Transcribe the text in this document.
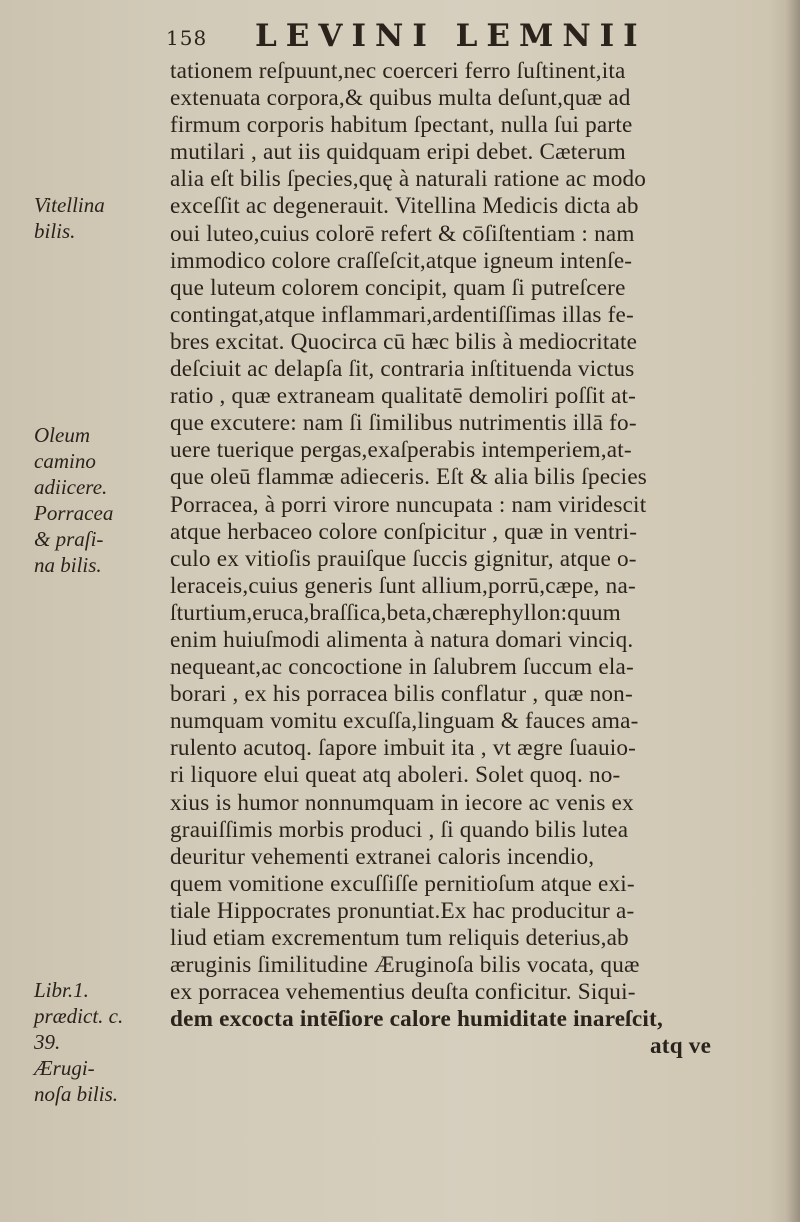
158 LEVINI LEMNII
Vitellina
bilis.
Oleum
camino
adiicere.
Porracea
& praſi-
na bilis.
Libr.1.
prædict. c.
39.
Ærugi-
noſa bilis.
tationem reſpuunt,nec coerceri ferro ſuſtinent,ita
extenuata corpora,& quibus multa deſunt,quæ ad
firmum corporis habitum ſpectant, nulla ſui parte
mutilari , aut iis quidquam eripi debet. Cæterum
alia eſt bilis ſpecies,quę à naturali ratione ac modo
exceſſit ac degenerauit. Vitellina Medicis dicta ab
oui luteo,cuius colorē refert & cōſiſtentiam : nam
immodico colore craſſeſcit,atque igneum intenſe-
que luteum colorem concipit, quam ſi putreſcere
contingat,atque inflammari,ardentiſſimas illas fe-
bres excitat. Quocirca cū hæc bilis à mediocritate
deſciuit ac delapſa ſit, contraria inſtituenda victus
ratio , quæ extraneam qualitatē demoliri poſſit at-
que excutere: nam ſi ſimilibus nutrimentis illā fo-
uere tuerique pergas,exaſperabis intemperiem,at-
que oleū flammæ adieceris. Eſt & alia bilis ſpecies
Porracea, à porri virore nuncupata : nam viridescit
atque herbaceo colore conſpicitur , quæ in ventri-
culo ex vitioſis prauiſque ſuccis gignitur, atque o-
leraceis,cuius generis ſunt allium,porrū,cæpe, na-
ſturtium,eruca,braſſica,beta,chærephyllon:quum
enim huiuſmodi alimenta à natura domari vinciq.
nequeant,ac concoctione in ſalubrem ſuccum ela-
borari , ex his porracea bilis conflatur , quæ non-
numquam vomitu excuſſa,linguam & fauces ama-
rulento acutoq. ſapore imbuit ita , vt ægre ſuauio-
ri liquore elui queat atq aboleri. Solet quoq. no-
xius is humor nonnumquam in iecore ac venis ex
grauiſſimis morbis produci , ſi quando bilis lutea
deuritur vehementi extranei caloris incendio,
quem vomitione excuſſiſſe pernitioſum atque exi-
tiale Hippocrates pronuntiat.Ex hac producitur a-
liud etiam excrementum tum reliquis deterius,ab
æruginis ſimilitudine Æruginoſa bilis vocata, quæ
ex porracea vehementius deuſta conficitur. Siqui-
dem excocta intēſiore calore humiditate inareſcit,
atq ve
